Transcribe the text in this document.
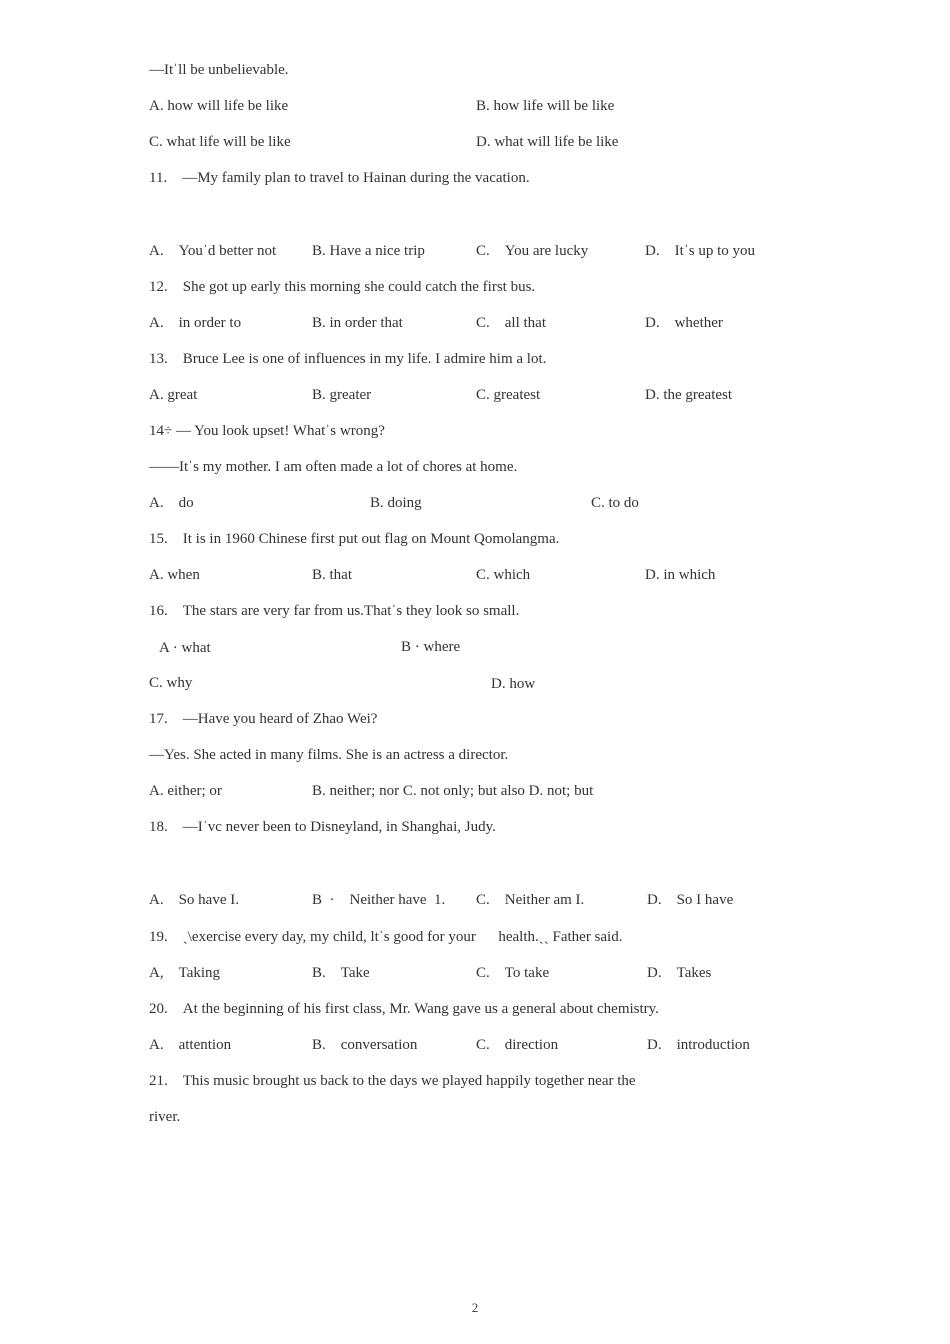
—Itˈll be unbelievable.
A. how will life be like	B. how life will be like
C. what life will be like	D. what will life be like
11. —My family plan to travel to Hainan during the vacation.
A. Youˈd better not B. Have a nice trip	C. You are lucky	D. Itˈs up to you
12. She got up early this morning she could catch the first bus.
A. in order to	B. in order that	C. all that	D. whether
13. Bruce Lee is one of influences in my life. I admire him a lot.
A. great	B. greater	C. greatest	D. the greatest
14÷ — You look upset! Whatˈs wrong?
——Itˈs my mother. I am often made a lot of chores at home.
A. do	B. doing	C. to do
15. It is in 1960 Chinese first put out flag on Mount Qomolangma.
A. when	B. that	C. which	D. in which
16. The stars are very far from us.Thatˈs they look so small.
A · what	B · where
C. why	D. how
17. —Have you heard of Zhao Wei?
—Yes. She acted in many films. She is an actress a director.
A. either; or	B. neither; nor C. not only; but also D. not; but
18. —Iˈvc never been to Disneyland, in Shanghai, Judy.
A. So have I.	B · Neither have 1. C. Neither am I.	D. So I have
19. ˎ\exercise every day, my child, ltˈs good for your  health.ˎˎ Father said.
A, Taking	B. Take	C. To take	D. Takes
20. At the beginning of his first class, Mr. Wang gave us a general about chemistry.
A. attention	B. conversation	C. direction	D. introduction
21. This music brought us back to the days we played happily together near the
river.
2
